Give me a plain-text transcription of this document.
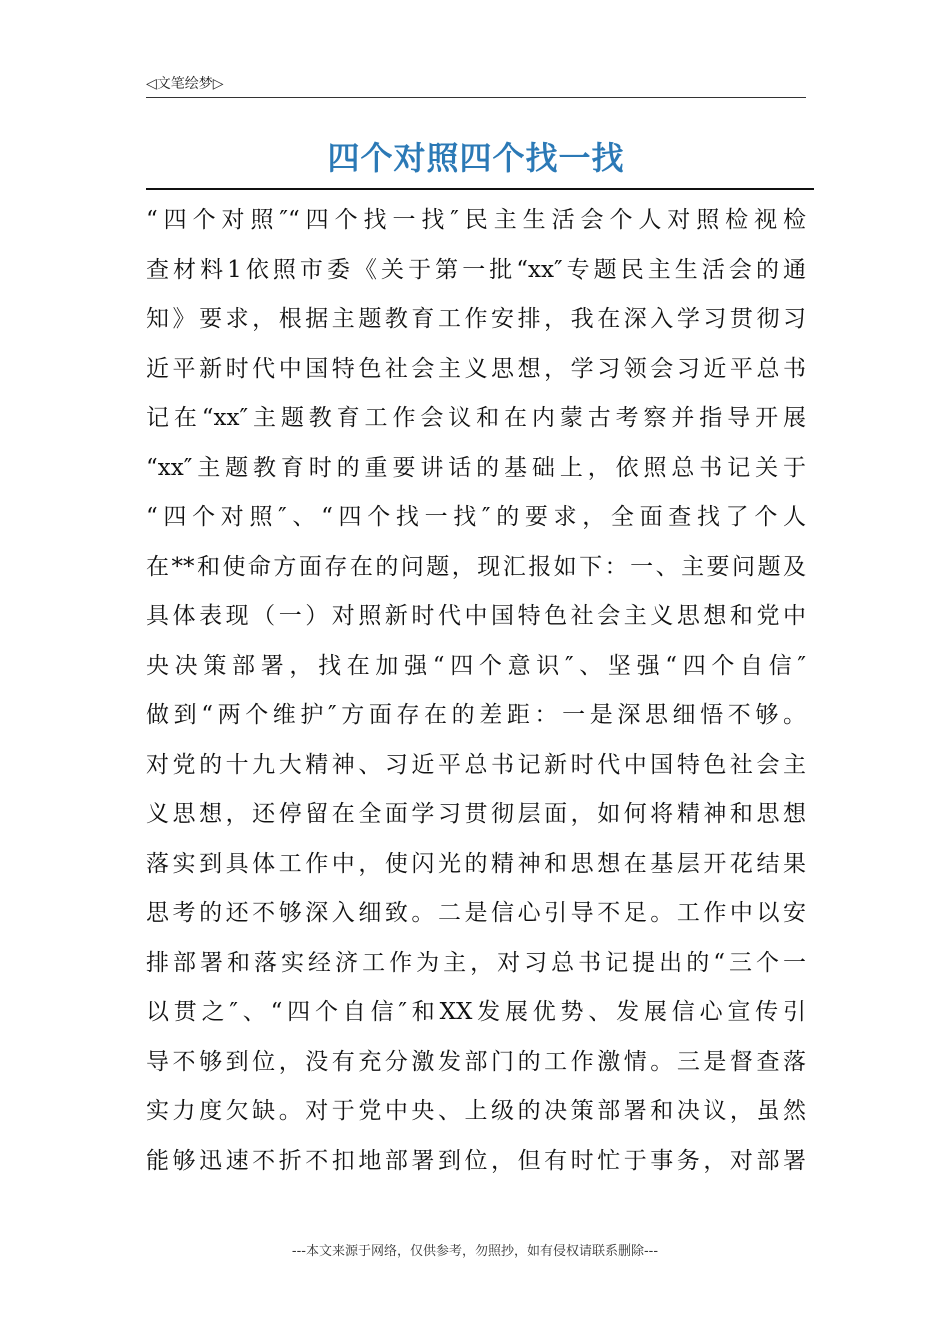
◁文笔绘梦▷
四个对照四个找一找
“四个对照″“四个找一找″民主生活会个人对照检视检
查材料1依照市委《关于第一批“xx″专题民主生活会的通
知》要求，根据主题教育工作安排，我在深入学习贯彻习
近平新时代中国特色社会主义思想，学习领会习近平总书
记在“xx″主题教育工作会议和在内蒙古考察并指导开展
“xx″主题教育时的重要讲话的基础上，依照总书记关于
“四个对照″、“四个找一找″的要求，全面查找了个人
在**和使命方面存在的问题，现汇报如下：一、主要问题及
具体表现（一）对照新时代中国特色社会主义思想和党中
央决策部署，找在加强“四个意识″、坚强“四个自信″
做到“两个维护″方面存在的差距：一是深思细悟不够。
对党的十九大精神、习近平总书记新时代中国特色社会主
义思想，还停留在全面学习贯彻层面，如何将精神和思想
落实到具体工作中，使闪光的精神和思想在基层开花结果
思考的还不够深入细致。二是信心引导不足。工作中以安
排部署和落实经济工作为主，对习总书记提出的“三个一
以贯之″、“四个自信″和XX发展优势、发展信心宣传引
导不够到位，没有充分激发部门的工作激情。三是督查落
实力度欠缺。对于党中央、上级的决策部署和决议，虽然
能够迅速不折不扣地部署到位，但有时忙于事务，对部署
---本文来源于网络，仅供参考，勿照抄，如有侵权请联系删除---
